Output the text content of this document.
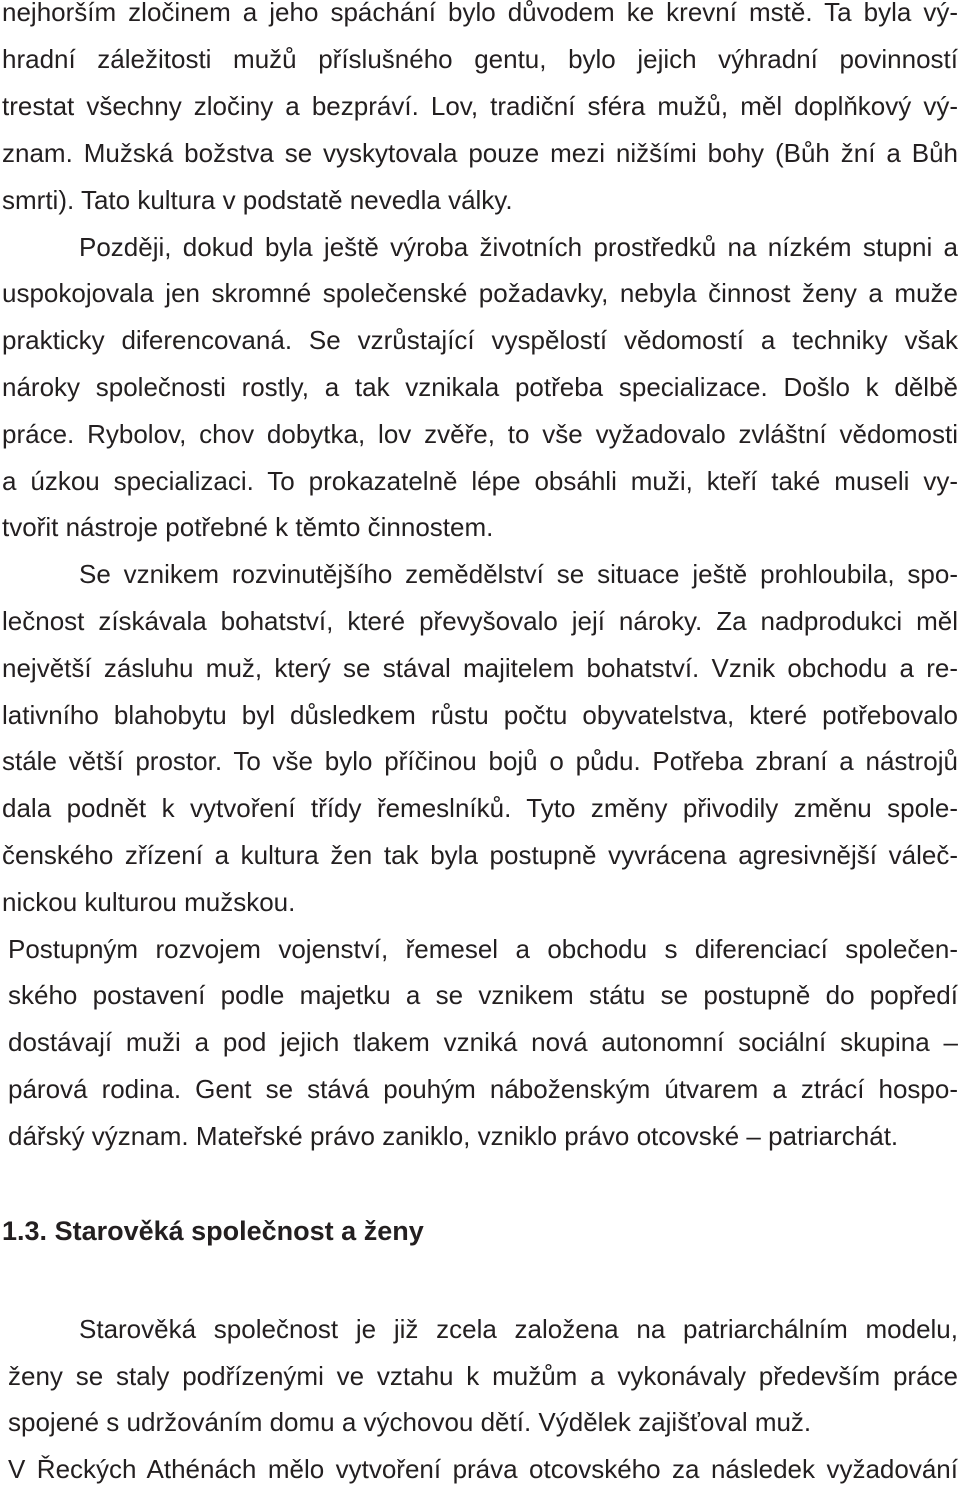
nejhorším zločinem a jeho spáchání bylo důvodem ke krevní mstě. Ta byla vý-

hradní záležitosti mužů příslušného gentu, bylo jejich výhradní povinností

trestat všechny zločiny a bezpráví. Lov, tradiční sféra mužů, měl doplňkový vý-

znam. Mužská božstva se vyskytovala pouze mezi nižšími bohy (Bůh žní a Bůh

smrti). Tato kultura v podstatě nevedla války.

Později, dokud byla ještě výroba životních prostředků na nízkém stupni a

uspokojovala jen skromné společenské požadavky, nebyla činnost ženy a muže

prakticky diferencovaná. Se vzrůstající vyspělostí vědomostí a techniky však

nároky společnosti rostly, a tak vznikala potřeba specializace. Došlo k dělbě

práce. Rybolov, chov dobytka, lov zvěře, to vše vyžadovalo zvláštní vědomosti

a úzkou specializaci. To prokazatelně lépe obsáhli muži, kteří také museli vy-

tvořit nástroje potřebné k těmto činnostem.

Se vznikem rozvinutějšího zemědělství se situace ještě prohloubila, spo-

lečnost získávala bohatství, které převyšovalo její nároky. Za nadprodukci měl

největší zásluhu muž, který se stával majitelem bohatství. Vznik obchodu a re-

lativního blahobytu byl důsledkem růstu počtu obyvatelstva, které potřebovalo

stále větší prostor. To vše bylo příčinou bojů o půdu. Potřeba zbraní a nástrojů

dala podnět k vytvoření třídy řemeslníků. Tyto změny přivodily změnu spole-

čenského zřízení a kultura žen tak byla postupně vyvrácena agresivnější váleč-

nickou kulturou mužskou.

Postupným rozvojem vojenství, řemesel a obchodu s diferenciací společen-

ského postavení podle majetku a se vznikem státu se postupně do popředí

dostávají muži a pod jejich tlakem vzniká nová autonomní sociální skupina –

párová rodina. Gent se stává pouhým náboženským útvarem a ztrácí hospo-

dářský význam. Mateřské právo zaniklo, vzniklo právo otcovské – patriarchát.

1.3. Starověká společnost a ženy

Starověká společnost je již zcela založena na patriarchálním modelu,

ženy se staly podřízenými ve vztahu k mužům a vykonávaly především práce

spojené s udržováním domu a výchovou dětí. Výdělek zajišťoval muž.

V Řeckých Athénách mělo vytvoření práva otcovského za následek vyžadování
